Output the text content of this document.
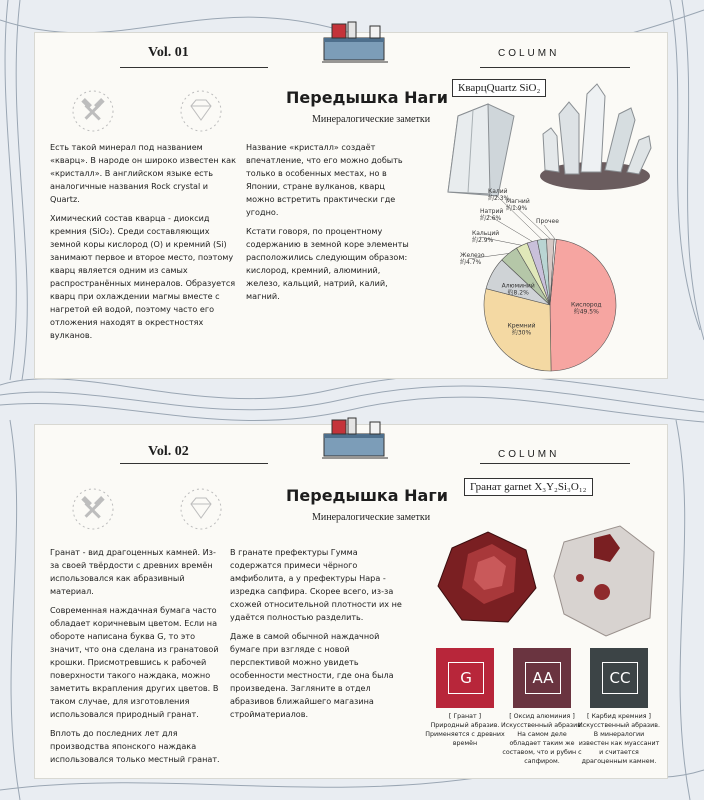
Vol. 01	COLUMN
Передышка Наги
Минералогические заметки

Есть такой минерал под названием «кварц». В народе он широко известен как «кристалл». В английском языке есть аналогичные названия Rock crystal и Quartz.

Химический состав кварца - диоксид кремния (SiO₂). Среди составляющих земной коры кислород (O) и кремний (Si) занимают первое и второе место, поэтому кварц является одним из самых распространённых минералов. Образуется кварц при охлаждении магмы вместе с нагретой ей водой, поэтому часто его отложения находят в окрестностях вулканов.

Название «кристалл» создаёт впечатление, что его можно добыть только в особенных местах, но в Японии, стране вулканов, кварц можно встретить практически где угодно.

Кстати говоря, по процентному содержанию в земной коре элементы расположились следующим образом: кислород, кремний, алюминий, железо, кальций, натрий, калий, магний.

КварцQuartz SiO₂
Кислород
約49.5%
Кремний
約30%
Алюминий
約8.2%
Железо
約4.7%
Кальций
約2.9%
Натрий
約2.6%
Калий
約2.3%
Магний
約1.9%
Прочее
Vol. 02	COLUMN
Передышка Наги
Минералогические заметки

Гранат - вид драгоценных камней. Из-за своей твёрдости с древних времён использовался как абразивный материал.

Современная наждачная бумага часто обладает коричневым цветом. Если на обороте написана буква G, то это значит, что она сделана из гранатовой крошки. Присмотревшись к рабочей поверхности такого наждака, можно заметить вкрапления других цветов. В таком случае, для изготовления использовался природный гранат.

Вплоть до последних лет для производства японского наждака использовался только местный гранат.

В гранате префектуры Гумма содержатся примеси чёрного амфиболита, а у префектуры Нара - изредка сапфира. Скорее всего, из-за схожей относительной плотности их не удаётся полностью разделить.

Даже в самой обычной наждачной бумаге при взгляде с новой перспективой можно увидеть особенности местности, где она была произведена. Загляните в отдел абразивов ближайшего магазина стройматериалов.

Гранат garnet X₃Y₂Si₃O₁₂
G	AA	CC
[ Гранат ]
Природный абразив.
Применяется с древних времён
[ Оксид алюминия ]
Искусственный абразив. На самом деле обладает таким же составом, что и рубин с сапфиром.
[ Карбид кремния ]
Искусственный абразив. В минералогии известен как муассанит и считается драгоценным камнем.
